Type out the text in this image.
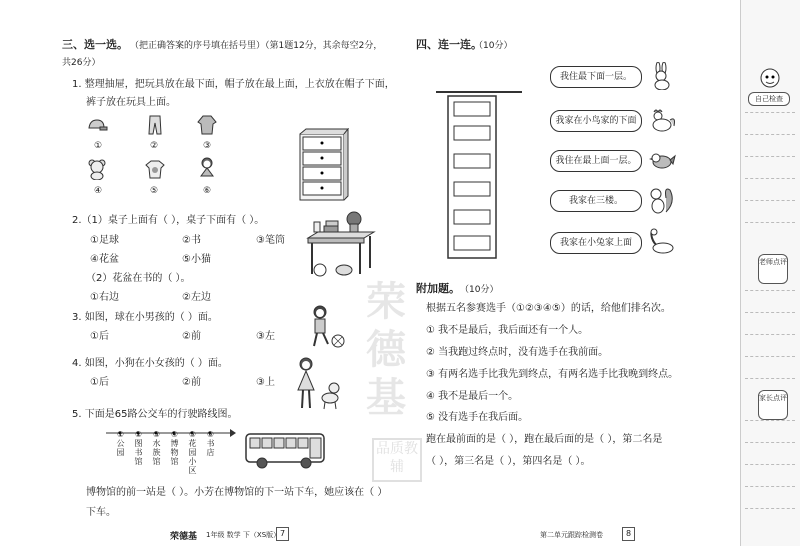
三、选一选。 （把正确答案的序号填在括号里）（第1题12分，其余每空2分，
共26分）
1. 整理抽屉，把玩具放在最下面，帽子放在最上面，上衣放在帽子下面，
裤子放在玩具上面。
①	②	③
④	⑤	⑥
2.（1）桌子上面有（ ），桌子下面有（ ）。
①足球	②书	③笔筒
④花盆	⑤小猫
（2）花盆在书的（ ）。
①右边	②左边
3. 如图，球在小男孩的（ ）面。
①后	②前	③左
4. 如图，小狗在小女孩的（ ）面。
①后	②前	③上
5. 下面是65路公交车的行驶路线图。
①公园
②图书馆
③水族馆
④博物馆
⑤花园小区
⑥书店
博物馆的前一站是（ ）。小芳在博物馆的下一站下车，她应该在（ ）
下车。
荣
德
基
品质教辅
四、连一连。
（10分）
我住最下面一层。
我家在小鸟家的下面
我住在最上面一层。
我家在三楼。
我家在小兔家上面
附加题。 （10分）
根据五名参赛选手（①②③④⑤）的话，给他们排名次。
① 我不是最后，我后面还有一个人。
② 当我跑过终点时，没有选手在我前面。
③ 有两名选手比我先到终点，有两名选手比我晚到终点。
④ 我不是最后一个。
⑤ 没有选手在我后面。
跑在最前面的是（ ），跑在最后面的是（ ），第二名是
（ ），第三名是（ ），第四名是（ ）。
自己检查
老师点评
家长点评
荣德基 1年级 数学 下（XS版） 7	第二单元跟踪检测卷	8
